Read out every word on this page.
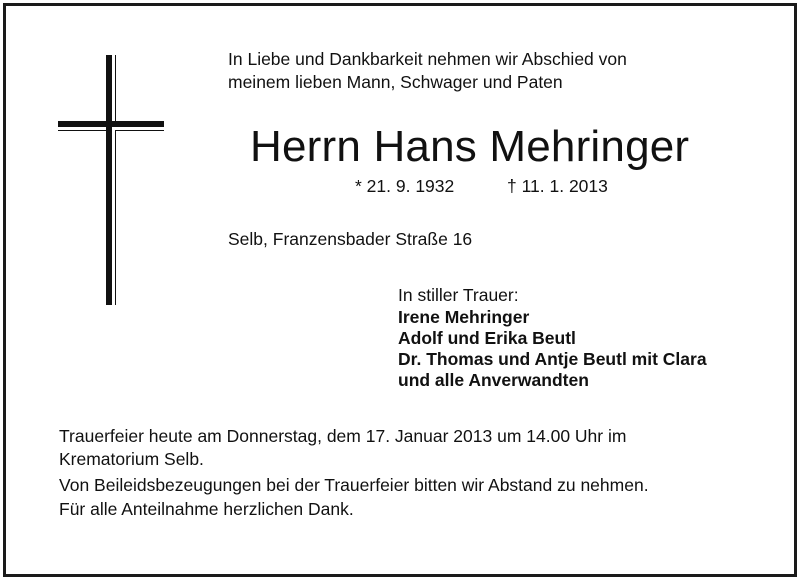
In Liebe und Dankbarkeit nehmen wir Abschied von
meinem lieben Mann, Schwager und Paten
Herrn Hans Mehringer
* 21. 9. 1932	† 11. 1. 2013
Selb, Franzensbader Straße 16
In stiller Trauer:
Irene Mehringer
Adolf und Erika Beutl
Dr. Thomas und Antje Beutl mit Clara
und alle Anverwandten

Trauerfeier heute am Donnerstag, dem 17. Januar 2013 um 14.00 Uhr im
Krematorium Selb.

Von Beileidsbezeugungen bei der Trauerfeier bitten wir Abstand zu nehmen.

Für alle Anteilnahme herzlichen Dank.
